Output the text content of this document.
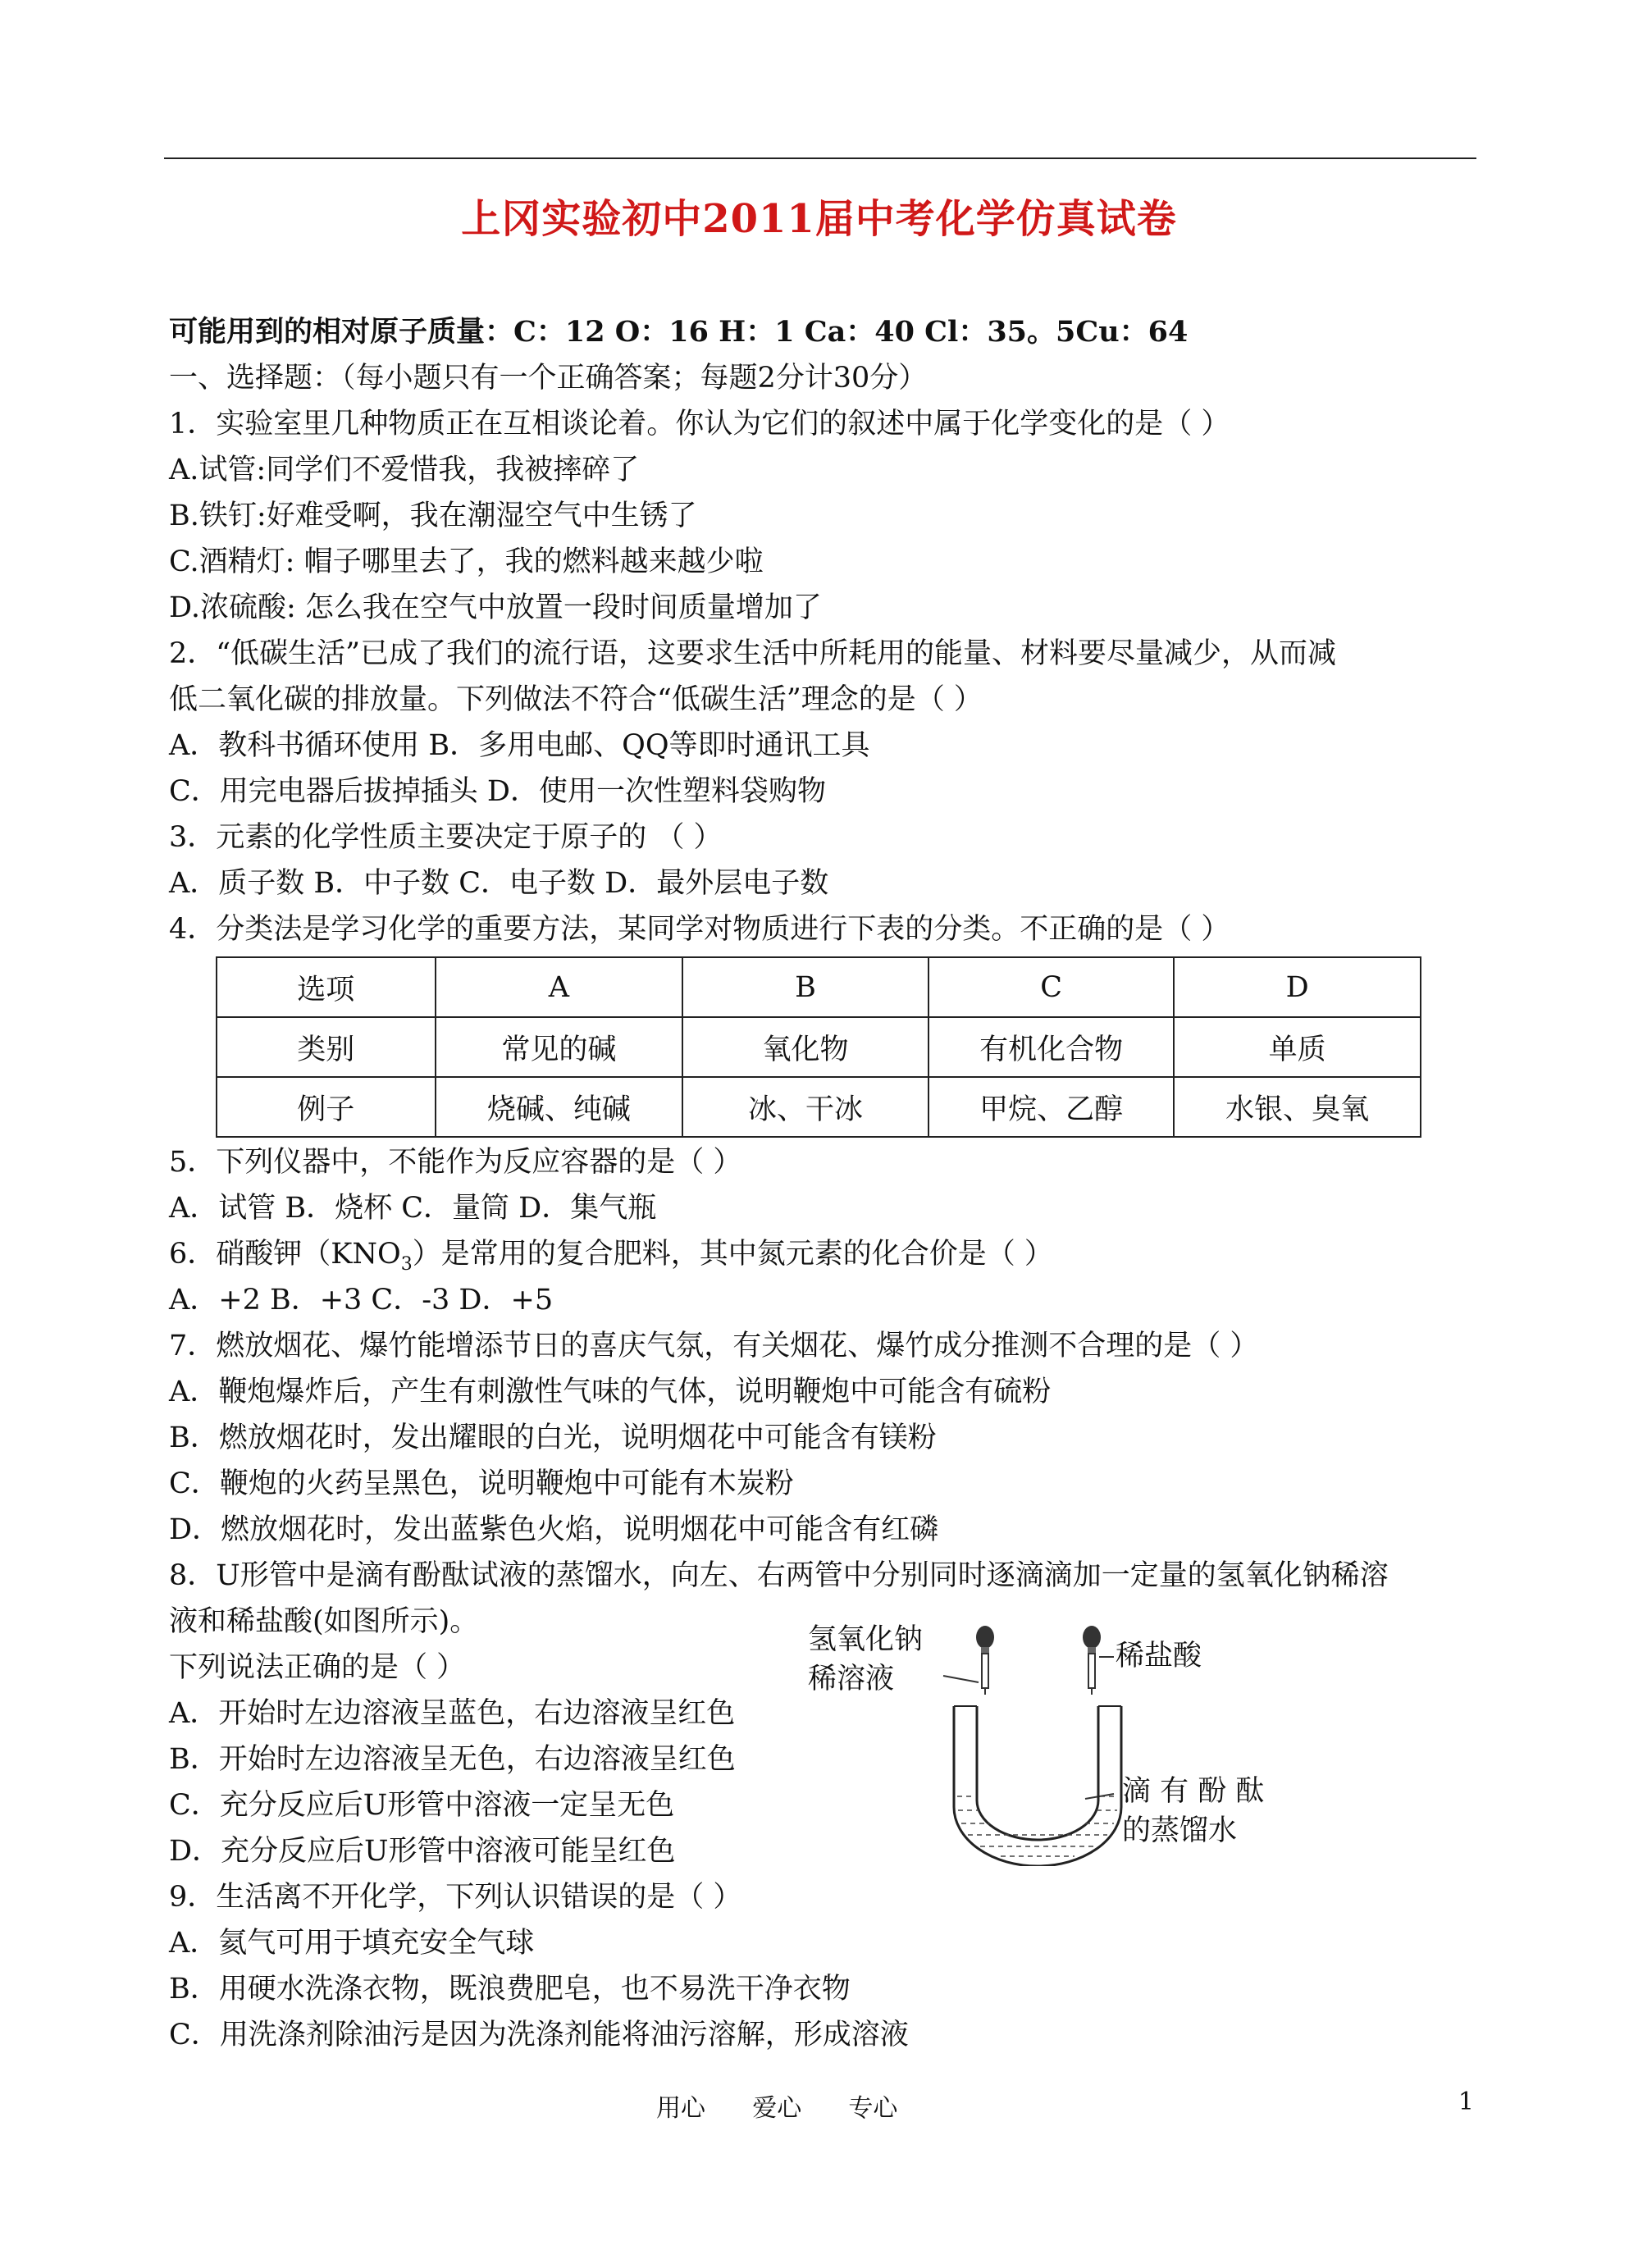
上冈实验初中2011届中考化学仿真试卷
可能用到的相对原子质量：C：12 O：16 H：1 Ca：40 Cl：35。5Cu：64
一、选择题：（每小题只有一个正确答案；每题2分计30分）
1．实验室里几种物质正在互相谈论着。你认为它们的叙述中属于化学变化的是（ ）
A.试管:同学们不爱惜我，我被摔碎了
B.铁钉:好难受啊，我在潮湿空气中生锈了
C.酒精灯: 帽子哪里去了，我的燃料越来越少啦
D.浓硫酸: 怎么我在空气中放置一段时间质量增加了
2．“低碳生活”已成了我们的流行语，这要求生活中所耗用的能量、材料要尽量减少，从而减
低二氧化碳的排放量。下列做法不符合“低碳生活”理念的是（ ）
A．教科书循环使用 B．多用电邮、QQ等即时通讯工具
C．用完电器后拔掉插头 D．使用一次性塑料袋购物
3．元素的化学性质主要决定于原子的 （ ）
A．质子数 B．中子数 C．电子数 D．最外层电子数
4．分类法是学习化学的重要方法，某同学对物质进行下表的分类。不正确的是（ ）
选项	A	B	C	D
类别	常见的碱	氧化物	有机化合物	单质
例子	烧碱、纯碱	冰、干冰	甲烷、乙醇	水银、臭氧
5．下列仪器中，不能作为反应容器的是（ ）
A．试管 B．烧杯 C．量筒 D．集气瓶
6．硝酸钾$(KNO_3)$是常用的复合肥料，其中氮元素的化合价是（ ）
A．+2 B．+3 C．-3 D．+5
7．燃放烟花、爆竹能增添节日的喜庆气氛，有关烟花、爆竹成分推测不合理的是（ ）
A．鞭炮爆炸后，产生有刺激性气味的气体，说明鞭炮中可能含有硫粉
B．燃放烟花时，发出耀眼的白光，说明烟花中可能含有镁粉
C．鞭炮的火药呈黑色，说明鞭炮中可能有木炭粉
D．燃放烟花时，发出蓝紫色火焰，说明烟花中可能含有红磷
8．U形管中是滴有酚酞试液的蒸馏水，向左、右两管中分别同时逐滴滴加一定量的氢氧化钠稀溶
液和稀盐酸(如图所示)。
下列说法正确的是（ ）
A．开始时左边溶液呈蓝色，右边溶液呈红色
B．开始时左边溶液呈无色，右边溶液呈红色
C．充分反应后U形管中溶液一定呈无色
D．充分反应后U形管中溶液可能呈红色
氢氧化钠
稀溶液
稀盐酸
滴 有 酚 酞
的蒸馏水
9．生活离不开化学，下列认识错误的是（ ）
A．氦气可用于填充安全气球
B．用硬水洗涤衣物，既浪费肥皂，也不易洗干净衣物
C．用洗涤剂除油污是因为洗涤剂能将油污溶解，形成溶液
用心      爱心      专心	1
